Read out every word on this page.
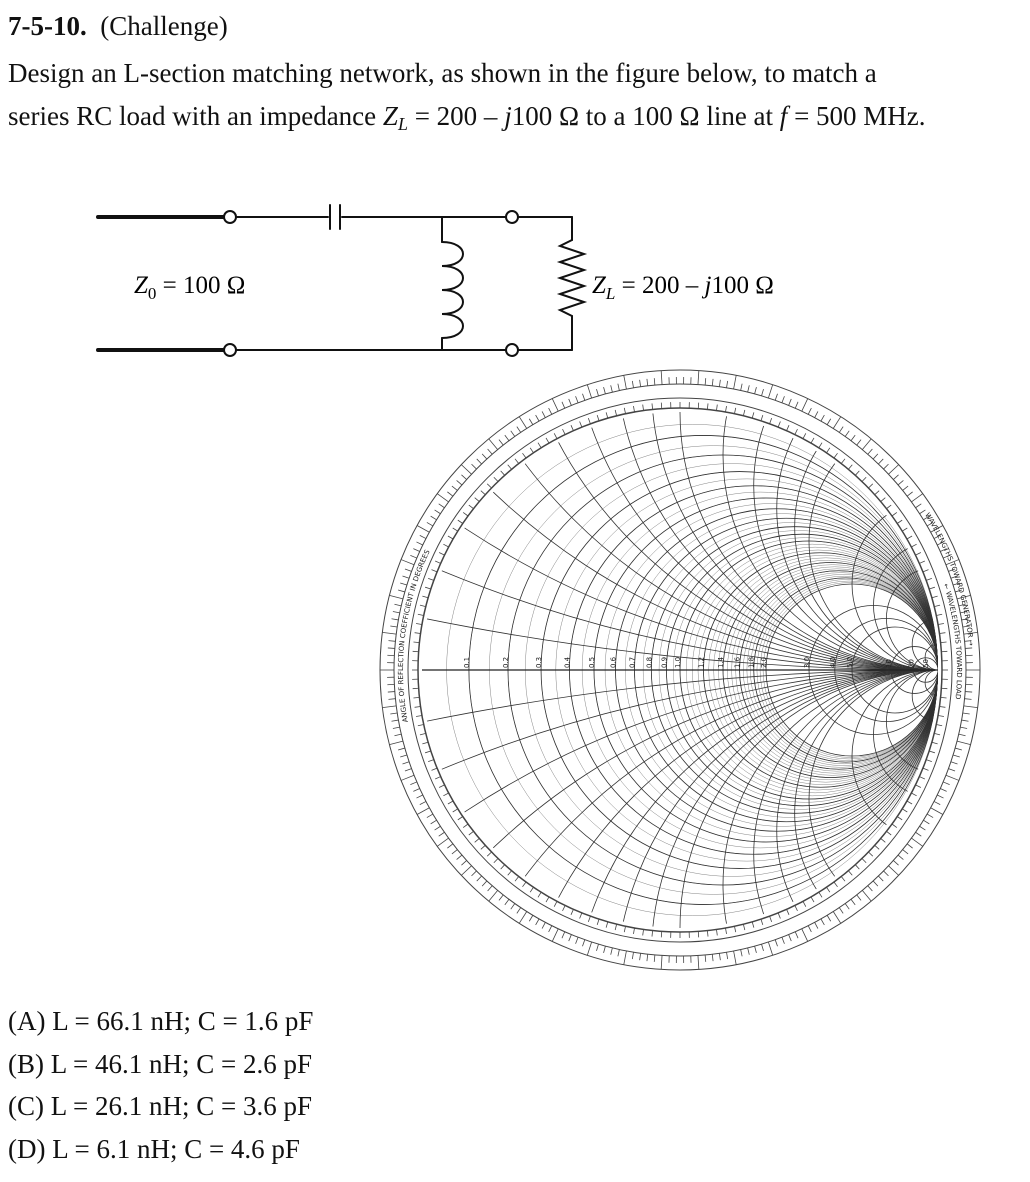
7-5-10. (Challenge)
Design an L-section matching network, as shown in the figure below, to match a
series RC load with an impedance ZL = 200 – j100 Ω to a 100 Ω line at f = 500 MHz.
$Z_0 = 100$ Ω	$Z_L = 200 - j100$ Ω
0.1	0.2	0.3	0.4 0.5 0.6 0.7 0.8 0.9 1.0 1.2 1.4 1.6 1.8 2.0	3.0	4.0 5.0	10 20 50
WAVELENGTHS TOWARD GENERATOR →
← WAVELENGTHS TOWARD LOAD
ANGLE OF REFLECTION COEFFICIENT IN DEGREES
(A) L = 66.1 nH; C = 1.6 pF
(B) L = 46.1 nH; C = 2.6 pF
(C) L = 26.1 nH; C = 3.6 pF
(D) L = 6.1 nH; C = 4.6 pF
